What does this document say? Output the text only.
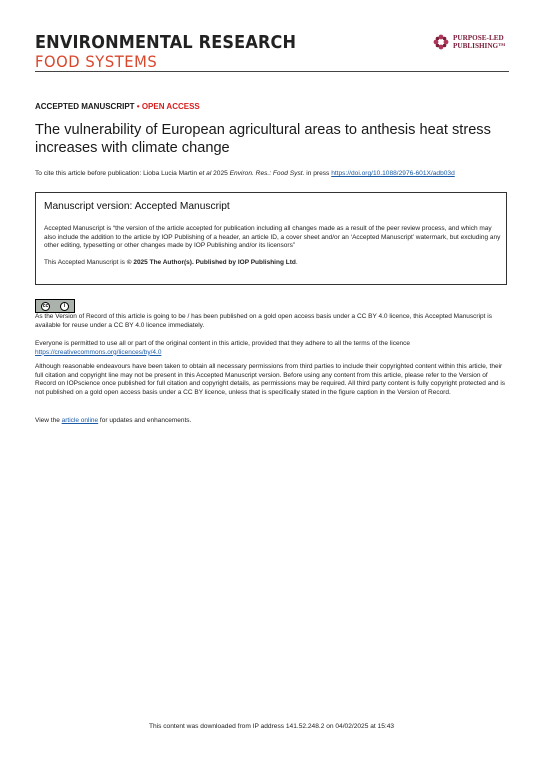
ENVIRONMENTAL RESEARCH
FOOD SYSTEMS
PURPOSE-LED
PUBLISHING™
ACCEPTED MANUSCRIPT • OPEN ACCESS
The vulnerability of European agricultural areas to anthesis heat stress increases with climate change
To cite this article before publication: Lioba Lucia Martin et al 2025 Environ. Res.: Food Syst. in press https://doi.org/10.1088/2976-601X/adb03d
Manuscript version: Accepted Manuscript
Accepted Manuscript is “the version of the article accepted for publication including all changes made as a result of the peer review process, and which may also include the addition to the article by IOP Publishing of a header, an article ID, a cover sheet and/or an ‘Accepted Manuscript’ watermark, but excluding any other editing, typesetting or other changes made by IOP Publishing and/or its licensors”
This Accepted Manuscript is © 2025 The Author(s). Published by IOP Publishing Ltd.
cc	i
As the Version of Record of this article is going to be / has been published on a gold open access basis under a CC BY 4.0 licence, this Accepted Manuscript is available for reuse under a CC BY 4.0 licence immediately.
Everyone is permitted to use all or part of the original content in this article, provided that they adhere to all the terms of the licence
https://creativecommons.org/licences/by/4.0
Although reasonable endeavours have been taken to obtain all necessary permissions from third parties to include their copyrighted content within this article, their full citation and copyright line may not be present in this Accepted Manuscript version. Before using any content from this article, please refer to the Version of Record on IOPscience once published for full citation and copyright details, as permissions may be required. All third party content is fully copyright protected and is not published on a gold open access basis under a CC BY licence, unless that is specifically stated in the figure caption in the Version of Record.
View the article online for updates and enhancements.
This content was downloaded from IP address 141.52.248.2 on 04/02/2025 at 15:43
